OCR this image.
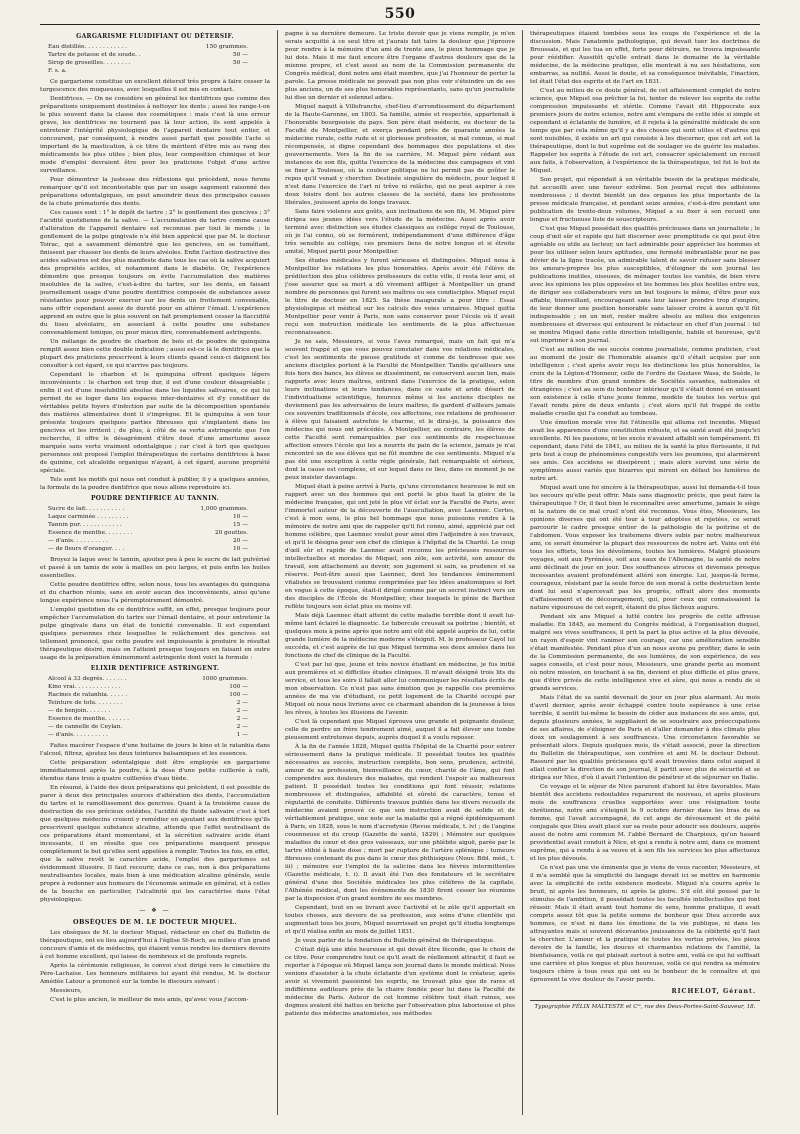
550
GARGARISME FLUIDIFIANT OU DÉTERSIF.
Eau distillée. . . . . . . . . . . .	150 grammes.
Tartre de potasse et de soude. .	50 —
Sirop de groseilles. . . . . . . .	50 —
F. s. a.

Ce gargarisme constitue un excellent détersif très propre à faire cesser la turgescence des muqueuses, avec lesquelles il est mis en contact.

Dentifrices. — On ne considère en général les dentifrices que comme des préparations uniquement destinées à nettoyer les dents ; aussi les range-t-on le plus souvent dans la classe des cosmétiques : mais c'est là une erreur grave, les dentifrices ne tournent pas là leur action, ils sont appelés à entretenir l'intégrité physiologique de l'appareil dentaire tout entier, et concourent, par conséquent, à rendre aussi parfait que possible l'acte si important de la mastication, à ce titre ils méritent d'être mis au rang des médicaments les plus utiles ; bien plus, leur composition chimique et leur mode d'emploi devraient être pour les praticiens l'objet d'une active surveillance.

Pour démontrer la justesse des réflexions qui précèdent, nous ferons remarquer qu'il est incontestable que par un usage sagement raisonné des préparations odontalgiques, on peut amoindrir deux des principales causes de la chute prématurée des dents.

Ces causes sont : 1° le dépôt de tartre ; 2° le gonflement des gencives ; 3° l'acidité quotidienne de la salive. — L'accumulation du tartre comme cause d'altération de l'appareil dentaire est reconnue par tout le monde ; le gonflement de la pulpe gingivale n'a été bien apprécié que par M. le docteur Toirac, qui a savamment démontré que les gencives, en se tuméfiant, finissent par chasser les dents de leurs alvéoles. Enfin l'action destructive des acides salivaires est des plus manifeste dans tous les cas où la salive acquiert des propriétés acides, et notamment dans le diabète. Or, l'expérience démontre que presque toujours on évite l'accumulation des matières insolubles de la salive, c'est-à-dire du tartre, sur les dents, en faisant journellement usage d'une poudre dentifrice composée de substances assez résistantes pour pouvoir exercer sur les dents un frottement convenable, sans offrir cependant assez de dureté pour en altérer l'émail. L'expérience apprend en outre que le plus souvent on fait promptement cesser la flaccidité du tissu alvéolaire, en associant à cette poudre une substance convenablement tonique, ou pour mieux dire, convenablement astringente.

Un mélange de poudre de charbon de bois et de poudre de quinquina remplit assez bien cette double indication ; aussi est-ce là le dentifrice que la plupart des praticiens prescrivent à leurs clients quand ceux-ci daignent les consulter à cet égard, ce qui n'arrive pas toujours.

Cependant le charbon et le quinquina offrent quelques légers inconvénients : le charbon est trop dur, il est d'une couleur désagréable ; enfin il est d'une insolubilité absolue dans les liquides salivaires, ce qui lui permet de se loger dans les espaces inter-dentaires et d'y constituer de véritables petits foyers d'infection par suite de la décomposition spontanée des matières alimentaires dont il s'imprègne. Et le quinquina à son tour présente toujours quelques parties fibreuses qui s'implantent dans les gencives et les irritent ; de plus, à côté de sa vertu astringente que l'on recherche, il offre le désagrément d'être doué d'une amertume assez marquée sans vertu vraiment odontalgique ; car c'est à tort que quelques personnes ont proposé l'emploi thérapeutique de certains dentifrices à base de quinine, cet alcaloïde organique n'ayant, à cet égard, aucune propriété spéciale.

Tels sont les motifs qui nous ont conduit à publier, il y a quelques années, la formule de la poudre dentifrice que nous allons reproduire ici.

POUDRE DENTIFRICE AU TANNIN.
Sucre de lait. . . . . . . . . . .	1,000 grammes.
Laque carminée . . . . . . . . .	10 —
Tannin pur. . . . . . . . . . . .	15 —
Essence de menthe. . . . . . . .	20 gouttes.
— d'anis. . . . . . . . . .	20 —
— de fleurs d'oranger. . . .	10 —

Broyez la laque avec le tannin, ajoutez peu à peu le sucre de lait pulvérisé et passé à un tamis de soie à mailles un peu larges, et puis enfin les huiles essentielles.

Cette poudre dentifrice offre, selon nous, tous les avantages du quinquina et du charbon réunis, sans en avoir aucun des inconvénients, ainsi qu'une longue expérience nous l'a péremptoirement démontré.

L'emploi quotidien de ce dentifrice suffit, en effet, presque toujours pour empêcher l'accumulation du tartre sur l'émail dentaire, et pour entretenir la pulpe gingivale dans un état de tonicité convenable. Il est cependant quelques personnes chez lesquelles le relâchement des gencives est tellement prononcé, que cette poudre est impuissante à produire le résultat thérapeutique désiré, mais on l'atteint presque toujours en faisant en outre usage de la préparation éminemment astringente dont voici la formule :

ELIXIR DENTIFRICE ASTRINGENT.
Alcool à 33 degrés. . . . . . .	1000 grammes.
Kino vrai. . . . . . . . . . . . .	100 —
Racines de ratanhia. . . . . .	100 —
Teinture de tolu. . . . . . . .	2 —
— de benjoin. . . . . . .	2 —
Essence de menthe. . . . . . .	2 —
— de cannelle de Ceylan.	2 —
— d'anis. . . . . . . . . .	1 —

Faites macérer l'espace d'une huitaine de jours le kino et le ratanhia dans l'alcool, filtrez, ajoutez les deux teintures balsamiques et les essences.

Cette préparation odontalgique doit être employée en gargarisme immédiatement après la poudre, à la dose d'une petite cuillerée à café, étendue dans trois à quatre cuillerées d'eau tiède.

En résumé, à l'aide des deux préparations qui précèdent, il est possible de parer à deux des principales sources d'altération des dents, l'accumulation du tartre et le ramollissement des gencives. Quant à la troisième cause de destruction de ces précieux ostéides, l'acidité du fluide salivaire c'est à tort que quelques médecins croient y remédier en ajoutant aux dentifrices qu'ils prescrivent quelque substance alcaline, attendu que l'effet neutralisant de ces préparations étant momentané, et la sécrétion salivaire acide étant incessante, il en résulte que ces préparations manquent presque complètement le but qu'elles sont appelées à remplir. Toutes les fois, en effet, que la salive revêt le caractère acide, l'emploi des gargarismes est évidemment illusoire. Il faut recourir, dans ce cas, non à des préparations neutralisantes locales, mais bien à une médication alcaline générale, seule propre à redonner aux humeurs de l'économie animale en général, et à celles de la bouche en particulier, l'alcalinité qui les caractérise dans l'état physiologique.

— ❖ —
OBSÈQUES DE M. LE DOCTEUR MIQUEL.

Les obsèques de M. le docteur Miquel, rédacteur en chef du Bulletin de thérapeutique, ont eu lieu aujourd'hui à l'église St-Roch, au milieu d'un grand concours d'amis et de médecins, qui étaient venus rendre les derniers devoirs à cet homme excellent, qui laisse de nombreux et de profonds regrets.

Après la cérémonie religieuse, le convoi s'est dirigé vers le cimetière du Père-Lachaise. Les honneurs militaires lui ayant été rendus, M. le docteur Amédée Latour a prononcé sur la tombe le discours suivant :

Messieurs,

C'est le plus ancien, le meilleur de mes amis, qu'avec vous j'accom-

pagne à sa dernière demeure. Le triste devoir que je viens remplir, je m'en serais acquitté à ce seul titre et j'aurais fait taire la douleur que j'éprouve pour rendre à la mémoire d'un ami de trente ans, le pieux hommage que je lui dois. Mais il me faut encore être l'organe d'autres douleurs que de la mienne propre, et c'est aussi au nom de la Commission permanente du Congrès médical, dont notre ami était membre, que j'ai l'honneur de porter la parole. La presse médicale ne pouvait pas non plus voir s'éteindre un de ses plus anciens, un de ses plus honorables représentants, sans qu'un journaliste lui dise un dernier et solennel adieu.

Miquel naquit à Villefranche, chef-lieu d'arrondissement du département de la Haute-Garonne, en 1803. Sa famille, aimée et respectée, appartenait à l'honorable bourgeoisie du pays. Son père était médecin, ou docteur de la Faculté de Montpellier, et exerça pendant près de quarante années la médecine rurale, cette rude et si glorieuse profession, si mal connue, si mal récompensée, si digne cependant des hommages des populations et des gouvernements. Vers la fin de sa carrière, M. Miquel père cédant aux instances de son fils, quitta l'exercice de la médecine des campagnes et vint se fixer à Toulouse, où la couleur politique ne lui permit pas de goûter le repos qu'il venait y chercher. Destinée singulière du médecin, pour lequel il n'est dans l'exercice de l'art ni trêve ni relâche, qui ne peut aspirer à ces doux loisirs dont les autres classes de la société, dans les professions libérales, jouissent après de longs travaux.

Sans faire violence aux goûts, aux inclinations de son fils, M. Miquel père dirigea ses jeunes idées vers l'étude de la médecine. Aussi après avoir terminé avec distinction ses études classiques au collège royal de Toulouse, où je l'ai connu, où se formèrent, indépendamment d'une différence d'âge très sensible au collège, ces premiers liens de notre longue et si étroite amitié, Miquel partit pour Montpellier.

Ses études médicales y furent sérieuses et distinguées. Miquel noua à Montpellier les relations les plus honorables. Après avoir été l'élève de prédilection des plus célèbres professeurs de cette ville, il resta leur ami, et j'ose assurer que sa mort a dû vivement affliger à Montpellier un grand nombre de personnes qui furent ses maîtres ou ses condisciples. Miquel reçut le titre de docteur en 1825. Sa thèse inaugurale a pour titre : Essai physiologique et médical sur les calculs des voies urinaires. Miquel quitta Montpellier pour venir à Paris, non sans conserver pour l'école où il avait reçu son instruction médicale les sentiments de la plus affectueuse reconnaissance.

Je ne sais, Messieurs, si vous l'avez remarqué, mais un fait qui m'a souvent frappé et que vous pouvez constater dans vos relations médicales, c'est les sentiments de pieuse gratitude et comme de tendresse que ses anciens disciples portent à la Faculté de Montpellier. Tandis qu'ailleurs une fois hors des bancs, les élèves se disséminent, ne conservent aucun lien, mais rapports avec leurs maîtres, entrent dans l'exercice de la pratique, selon leurs inclinations et leurs tendances, dans ce vaste et aride désert de l'individualisme scientifique, heureux même si les anciens disciples ne deviennent pas les adversaires de leurs maîtres, ils gardent d'ailleurs jamais ces souvenirs traditionnels d'école, ces affections, ces relations de professeur à élève qui faisaient autrefois le charme, et le dirai-je, la puissance des médecins qui nous ont précédés. À Montpellier, au contraire, les élèves de cette Faculté sont remarquables par ces sentiments de respectueuse affection envers l'école qui les a nourris du pain de la science, jamais je n'ai rencontré un de ses élèves qui ne fût membre de ces sentiments. Miquel n'a pas été une exception à cette règle générale, fait remarquable et sérieux, dont la cause est complexe, et sur lequel dans ce lieu, dans ce moment je ne peux insister davantage.

Miquel était à peine arrivé à Paris, qu'une circonstance heureuse le mit en rapport avec un des hommes qui ont porté le plus haut la gloire de la médecine française, qui ont jeté le plus vif éclat sur la Faculté de Paris, avec l'immortel auteur de la découverte de l'auscultation, avec Laennec. Certes, c'est à mon sens, le plus bel hommage que nous puissions rendre à la mémoire de notre ami que de rappeler qu'il fut connu, aimé, apprécié par cet homme célèbre, que Laennec voulut pour ainsi dire l'adjoindre à ses travaux, et qu'il le désigna pour son chef de clinique à l'hôpital de la Charité. Le coup d'œil sûr et rapide de Laennec avait reconnu les précieuses ressources intellectuelles et morales de Miquel, son zèle, son activité, son amour du travail, son attachement au devoir, son jugement si sain, sa prudence et sa réserve. Peut-être aussi que Laennec, dont les tendances éminemment vitalistes se trouvaient comme comprimées par les idées anatomiques si fort en vogue à cette époque, était-il dirigé comme par un secret instinct vers un des disciples de l'École de Montpellier, chez lesquels le génie de Barthez reflète toujours son éclat plus ou moins vif.

Mais déjà Laennec était atteint de cette maladie terrible dont il avait lui-même tant éclairé le diagnostic. Le tubercule creusait sa poitrine ; bientôt, et quelques mois à peine après que notre ami eût été appelé auprès de lui, cette grande lumière de la médecine moderne s'éteignit. M. le professeur Cayol lui succéda, et c'est auprès de lui que Miquel termina ses deux années dans les fonctions de chef de clinique de la Faculté.

C'est par lui que, jeune et très novice étudiant en médecine, je fus initié aux premières et si difficiles études cliniques. Il m'avait désigné trois lits du service, et tous les soirs il fallait aller lui communiquer les résultats écrits de mon observation. Ce n'est pas sans émotion que je rappelle ces premières années de ma vie d'étudiant, ce petit logement de la Charité occupé par Miquel où nous nous livrions avec ce charmant abandon de la jeunesse à tous les rêves, à toutes les illusions de l'avenir.

C'est là cependant que Miquel éprouva une grande et poignante douleur, celle de perdre un frère tendrement aimé, auquel il a fait élever une tombe pieusement entretenue depuis, auprès duquel il a voulu reposer.

À la fin de l'année 1828, Miquel quitta l'hôpital de la Charité pour entrer sérieusement dans la pratique médicale. Il possédait toutes les qualités nécessaires au succès, instruction complète, bon sens, prudence, activité, amour de sa profession, bienveillance du cœur, charité de l'âme, qui font comprendre aux douleurs des malades, qui rendent l'espoir au malheureux patient. Il possédait toutes les conditions qui font réussir, relations nombreuses et distinguées, affabilité et sûreté de caractère, tenue et régularité de conduite. Différents travaux publiés dans les divers recueils de médecine avaient prouvé ce que son instruction avait de solide et de véritablement pratique, une note sur la maladie qui a régné épidémiquement à Paris, en 1828, sous le nom d'acrodynie (Revue médicale, t. iv) ; de l'angine couenneuse et du croup (Gazette de santé, 1829) ; Mémoire sur quelques maladies du cœur et des gros vaisseaux, sur une phlébite aiguë, parée par le tartre stibié à haute dose ; mort par rupture de l'artère splénique ; tumeurs fibreuses contenant du pus dans le cœur des phthisiques (Nouv. Bibl. méd., t. iii) ; mémoire sur l'emploi de la salicine dans les fièvres intermittentes (Gazette médicale, t. i). Il avait été l'un des fondateurs et le secrétaire général d'une des Sociétés médicales les plus célèbres de la capitale, l'Athénée médical, dont les événements de 1830 firent cesser les réunions par la dispersion d'un grand nombre de ses membres.

Cependant, tout en se livrant avec l'activité et le zèle qu'il apportait en toutes choses, aux devoirs de sa profession, aux soins d'une clientèle qui augmentait tous les jours, Miquel nourrissait un projet qu'il étudia longtemps et qu'il réalisa enfin au mois de juillet 1831.

Je veux parler de la fondation du Bulletin général de thérapeutique.

C'était déjà une idée heureuse et qui devait être féconde, que le choix de ce titre. Pour comprendre tout ce qu'il avait de réellement attractif, il faut se reporter à l'époque où Miquel lança son journal dans le monde médical. Nous venions d'assister à la chute éclatante d'un système dont le créateur, après avoir si vivement passionné les esprits, ne trouvait plus que de rares et indifférens auditeurs près de la chaire fondée pour lui dans la Faculté de médecine de Paris. Auteur de cet homme célèbre tout était ruines, ses dogmes avaient été battus en brèche par l'observation plus laborieuse et plus patiente des médecins anatomistes, ses méthodes

thérapeutiques étaient tombées sous les coups de l'expérience et de la discussion. Mais l'anatomie pathologique, qui devait tuer les doctrines de Broussais, et qui les tua en effet, forte pour détruire, ne trouva impuissante pour réédifier. Aussitôt qu'elle entrait dans le domaine de la véritable médecine, de la médecine pratique, elle montrait à nu ses hésitations, son embarras, sa nullité. Aussi le doute, et sa conséquence inévitable, l'inaction, tel était l'état des esprits et de l'art en 1831.

C'est au milieu de ce doute général, de cet affaissement complet de notre science, que Miquel osa prêcher la foi, tenter de relever les esprits de cette compression impuissante et stérile. Comme l'avait dit Hippocrate aux premiers jours de notre science, notre ami s'empara de cette idée si simple et cependant si éclatante de lumière, et il rejeta à la généralité médicale de son temps que par cela même qu'il y a des choses qui sont utiles et d'autres qui sont nuisibles, il existe un art qui consiste à les discerner, que cet art est la thérapeutique, dont le but suprême est de soulager ou de guérir les malades. Rappeler les esprits à l'étude de cet art, consacrer spécialement un recueil aux faits, à l'observation, à l'expérience de la thérapeutique, tel fut le but de Miquel.

Son projet, qui répondait à un véritable besoin de la pratique médicale, fut accueilli avec une faveur extrême. Son journal reçut des adhésions nombreuses ; il devint bientôt un des organes les plus importants de la presse médicale française, et pendant seize années, c'est-à-dire pendant une publication de trente-deux volumes, Miquel a su fixer à son recueil une longue et fructueuse liste de souscripteurs.

C'est que Miquel possédait des qualités précieuses dans un journaliste ; le coup d'œil sûr et rapide qui fait discerner avec promptitude ce qui peut être agréable ou utile au lecteur, un tact admirable pour apprécier les hommes et pour les utiliser selon leurs aptitudes, une fermeté inébranlable pour ne pas dévier de la ligne tracée, un admirable talent de savoir refuser sans blesser les amours-propres les plus susceptibles, d'éloigner de son journal les publications inutiles, oiseuses, de ménager toutes les vanités, de bien vivre avec les opinions les plus opposées et les hommes les plus hostiles entre eux, de diriger ses collaborateurs vers un but toujours le même, d'être pour eux affable, bienveillant, encourageant sans leur laisser prendre trop d'empire, de leur donner une position honorable sans laisser croire à aucun qu'il fût indispensable ; en un mot, rester maître absolu au milieu des exigences nombreuses et diverses qui entourent le rédacteur en chef d'un journal : tel se montra Miquel dans cette direction intelligente, habile et heureuse, qu'il sut imprimer à son journal.

C'est au milieu de ses succès comme journaliste, comme praticien, c'est au moment de jouir de l'honorable aisance qu'il s'était acquise par son intelligence ; c'est après avoir reçu les distinctions les plus honorables, la croix de la Légion-d'Honneur, celle de l'ordre de Gustave Wasa, de Suède, le titre de membre d'un grand nombre de Sociétés savantes, nationales et étrangères ; c'est au sein du bonheur intérieur qu'il s'était donné en unissant son existence à celle d'une jeune femme, modèle de toutes les vertus qui l'avait rendu père de deux enfants ; c'est alors qu'il fut frappé de cette maladie cruelle qui l'a conduit au tombeau.

Une émotion morale vive fut l'étincelle qui alluma cet incendie. Miquel avait les apparences d'une constitution robuste, et sa santé avait été jusqu'ici excellente. Ni les passions, ni les excès n'avaient affaibli son tempérament. Et cependant, dans l'été de 1841, au milieu de la santé la plus florissante, il fut pris tout à coup de phénomènes congestifs vers les poumons, qui alarmèrent ses amis. Ces accidens se dissipèrent ; mais alors survint une série de symptômes aussi variés que bizarres qui mirent en défaut les lumières de notre art.

Miquel avait une foi sincère à la thérapeutique, aussi lui demanda-t-il tous les secours qu'elle peut offrir. Mais sans diagnostic précis, que peut faire la thérapeutique ? Or, il faut bien le reconnaître avec amertume, jamais le siège ni la nature de ce mal cruel n'ont été reconnus. Vous êtes, Messieurs, les opinions diverses qui ont été tour à tour adoptées et rejetées, ce serait parcourir le cadre presque entier de la pathologie de la poitrine et de l'abdomen. Vous exposer les traitemens divers subis par notre malheureux ami, ce serait énumérer la plupart des ressources de notre art. Vains ont été tous les efforts, tous les dévoûmens, toutes les lumières. Malgré plusieurs voyages, soit aux Pyrénées, soit aux eaux de l'Allemagne, la santé de notre ami déclinait de jour en jour. Des souffrances atroces et devenues presque incessantes avaient profondément altéré son énergie. Lui, jusque-là ferme, courageux, résistant par la seule force de son moral à cette destruction lente dont lui seul n'apercevait pas les progrès, offrait alors des moments d'affaissement et de découragement, qui, pour ceux qui connaissaient la nature vigoureuse de cet esprit, étaient du plus fâcheux augure.

Pendant six ans Miquel a lutté contre les progrès de cette affreuse maladie. En 1845, au moment du Congrès médical, à l'organisation duquel, malgré ses vives souffrances, il prit la part la plus active et la plus dévouée, un rayon d'espoir vint ranimer son courage, car une amélioration sensible s'était manifestée. Pendant plus d'un an nous avons pu profiter, dans le sein de la Commission permanente, de ses lumières, de son expérience, de ses sages conseils, et c'est pour nous, Messieurs, une grande perte au moment où notre mission, en touchant à sa fin, devient et plus difficile et plus grave, que d'être privés de cette intelligence vive et sûre, qui nous a rendu de si grands services.

Mais l'état de sa santé devenait de jour en jour plus alarmant. Au mois d'avril dernier, après avoir échappé contre toute espérance à une crise terrible, il sentit lui-même le besoin de céder aux instances de ses amis, qui, depuis plusieurs années, le suppliaient de se soustraire aux préoccupations de ses affaires, de s'éloigner de Paris et d'aller demander à des climats plus doux un soulagement à ses souffrances. Une circonstance favorable se présentait alors. Depuis quelques mois, ils s'était associé, pour la direction du Bulletin de thérapeutique, son confrère et ami M. le docteur Debout. Rassuré par les qualités précieuses qu'il avait trouvées dans celui auquel il allait confier la direction de son journal, il partit avec plus de sécurité et se dirigea sur Nice, d'où il avait l'intention de pénétrer et de séjourner en Italie.

Ce voyage et le séjour de Nice parurent d'abord lui être favorables. Mais bientôt des accidens redoutables reparurent de nouveau, et après plusieurs mois de souffrances cruelles supportées avec une résignation toute chrétienne, notre ami s'éteignit le 9 octobre dernier dans les bras de sa femme, qui l'avait accompagné, de cet ange de dévouement et de piété conjugale que Dieu avait placé sur sa route pour adoucir ses douleurs, auprès aussi de notre ami commun M. l'abbé Bernard de Charpieux, qu'un hasard providentiel avait conduit à Nice, et qui a rendu à notre ami, dans ce moment suprême, qui a rendu à sa veuve et à son fils les services les plus affectueux et les plus dévoués.

Ce n'est pas une vie éminente que je viens de vous raconter, Messieurs, et il m'a semblé que la simplicité du langage devait ici se mettre en harmonie avec la simplicité de cette existence modeste. Miquel n'a courru après le bruit, ni après les honneurs, ni après la gloire. S'il eût été poussé par le stimulus de l'ambition, il possédait toutes les facultés intellectuelles qui font réussir. Mais il était avant tout homme de sens, homme pratique, il avait compris assez tôt que la petite somme de bonheur que Dieu accorde aux hommes, ce n'est ni dans les émotions de la vie publique, ni dans les attrayantes mais si souvent décevantes jouissances de la célébrité qu'il faut la chercher. L'amour et la pratique de toutes les vertus privées, les pieux devoirs de la famille, les douces et charmantes relations de l'amitié, la bienfaisance, voilà ce qui plaisait surtout à notre ami, voilà ce qui lui suffisait une carrière et plus longue et plus heureuse, voilà ce qui rendra sa mémoire toujours chère à tous ceux qui ont eu le bonheur de le connaître et qui éprouvent la vive douleur de l'avoir perdu.

RICHELOT, Gérant.
Typographie FÉLIX MALTESTE et Cⁱᵉ, rue des Deux-Portes-Saint-Sauveur, 18.
